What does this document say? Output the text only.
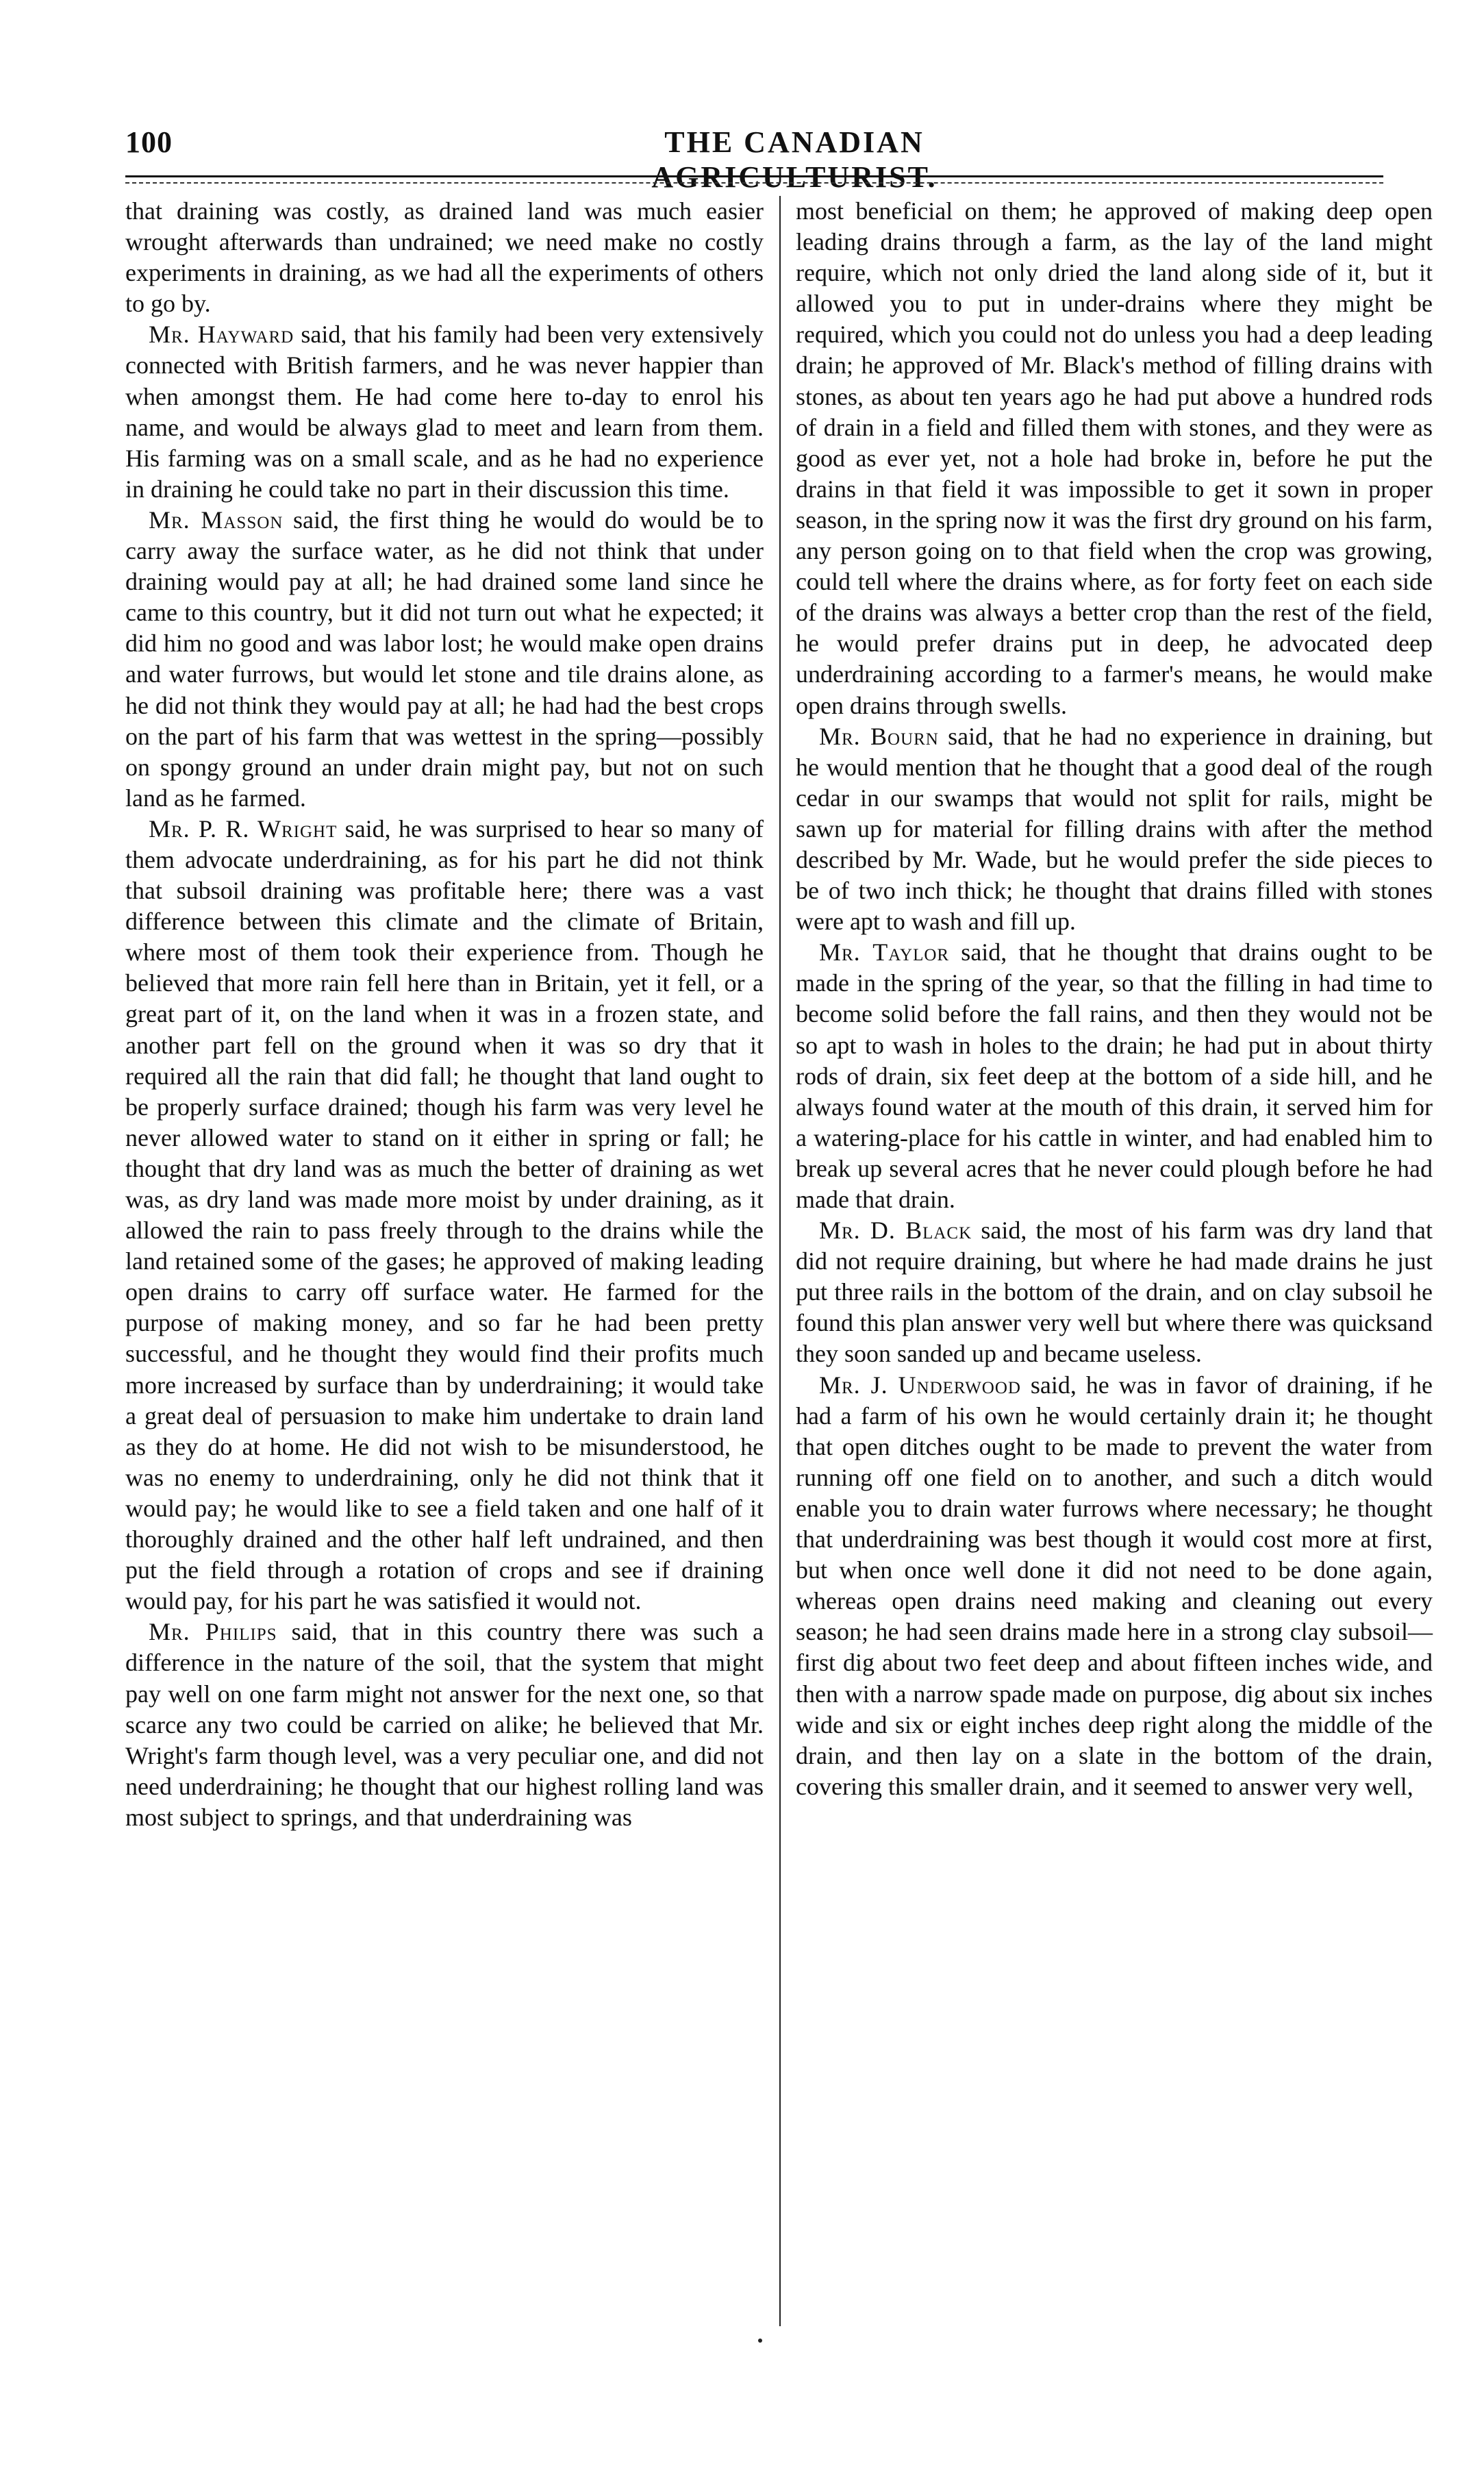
100	THE CANADIAN AGRICULTURIST.

that draining was costly, as drained land was much easier wrought afterwards than undrained; we need make no costly experiments in draining, as we had all the experiments of others to go by.

Mr. Hayward said, that his family had been very extensively connected with British farmers, and he was never happier than when amongst them. He had come here to-day to enrol his name, and would be always glad to meet and learn from them. His farming was on a small scale, and as he had no experience in draining he could take no part in their discussion this time.

Mr. Masson said, the first thing he would do would be to carry away the surface water, as he did not think that under draining would pay at all; he had drained some land since he came to this country, but it did not turn out what he expected; it did him no good and was labor lost; he would make open drains and water furrows, but would let stone and tile drains alone, as he did not think they would pay at all; he had had the best crops on the part of his farm that was wettest in the spring—possibly on spongy ground an under drain might pay, but not on such land as he farmed.

Mr. P. R. Wright said, he was surprised to hear so many of them advocate underdraining, as for his part he did not think that subsoil draining was profitable here; there was a vast difference between this climate and the climate of Britain, where most of them took their experience from. Though he believed that more rain fell here than in Britain, yet it fell, or a great part of it, on the land when it was in a frozen state, and another part fell on the ground when it was so dry that it required all the rain that did fall; he thought that land ought to be properly surface drained; though his farm was very level he never allowed water to stand on it either in spring or fall; he thought that dry land was as much the better of draining as wet was, as dry land was made more moist by under draining, as it allowed the rain to pass freely through to the drains while the land retained some of the gases; he approved of making leading open drains to carry off surface water. He farmed for the purpose of making money, and so far he had been pretty successful, and he thought they would find their profits much more increased by surface than by underdraining; it would take a great deal of persuasion to make him undertake to drain land as they do at home. He did not wish to be misunderstood, he was no enemy to underdraining, only he did not think that it would pay; he would like to see a field taken and one half of it thoroughly drained and the other half left undrained, and then put the field through a rotation of crops and see if draining would pay, for his part he was satisfied it would not.

Mr. Philips said, that in this country there was such a difference in the nature of the soil, that the system that might pay well on one farm might not answer for the next one, so that scarce any two could be carried on alike; he believed that Mr. Wright's farm though level, was a very peculiar one, and did not need underdraining; he thought that our highest rolling land was most subject to springs, and that underdraining was

most beneficial on them; he approved of making deep open leading drains through a farm, as the lay of the land might require, which not only dried the land along side of it, but it allowed you to put in under-drains where they might be required, which you could not do unless you had a deep leading drain; he approved of Mr. Black's method of filling drains with stones, as about ten years ago he had put above a hundred rods of drain in a field and filled them with stones, and they were as good as ever yet, not a hole had broke in, before he put the drains in that field it was impossible to get it sown in proper season, in the spring now it was the first dry ground on his farm, any person going on to that field when the crop was growing, could tell where the drains where, as for forty feet on each side of the drains was always a better crop than the rest of the field, he would prefer drains put in deep, he advocated deep underdraining according to a farmer's means, he would make open drains through swells.

Mr. Bourn said, that he had no experience in draining, but he would mention that he thought that a good deal of the rough cedar in our swamps that would not split for rails, might be sawn up for material for filling drains with after the method described by Mr. Wade, but he would prefer the side pieces to be of two inch thick; he thought that drains filled with stones were apt to wash and fill up.

Mr. Taylor said, that he thought that drains ought to be made in the spring of the year, so that the filling in had time to become solid before the fall rains, and then they would not be so apt to wash in holes to the drain; he had put in about thirty rods of drain, six feet deep at the bottom of a side hill, and he always found water at the mouth of this drain, it served him for a watering-place for his cattle in winter, and had enabled him to break up several acres that he never could plough before he had made that drain.

Mr. D. Black said, the most of his farm was dry land that did not require draining, but where he had made drains he just put three rails in the bottom of the drain, and on clay subsoil he found this plan answer very well but where there was quicksand they soon sanded up and became useless.

Mr. J. Underwood said, he was in favor of draining, if he had a farm of his own he would certainly drain it; he thought that open ditches ought to be made to prevent the water from running off one field on to another, and such a ditch would enable you to drain water furrows where necessary; he thought that underdraining was best though it would cost more at first, but when once well done it did not need to be done again, whereas open drains need making and cleaning out every season; he had seen drains made here in a strong clay subsoil—first dig about two feet deep and about fifteen inches wide, and then with a narrow spade made on purpose, dig about six inches wide and six or eight inches deep right along the middle of the drain, and then lay on a slate in the bottom of the drain, covering this smaller drain, and it seemed to answer very well,
